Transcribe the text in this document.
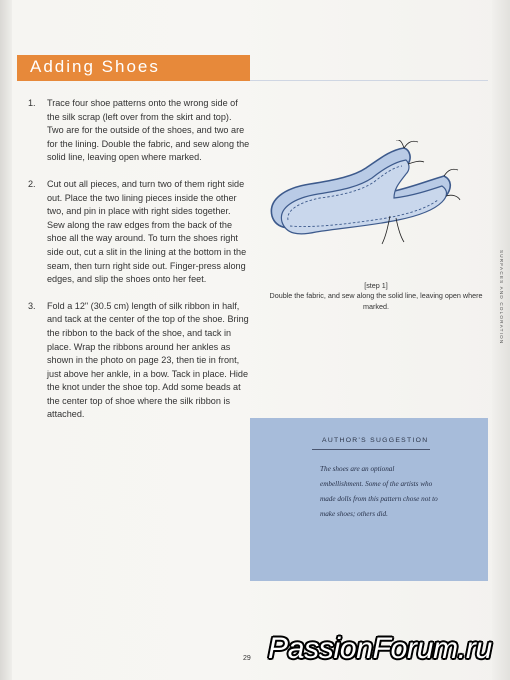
Adding Shoes
1.	Trace four shoe patterns onto the wrong side of the silk scrap (left over from the skirt and top). Two are for the outside of the shoes, and two are for the lining. Double the fabric, and sew along the solid line, leaving open where marked.
2.	Cut out all pieces, and turn two of them right side out. Place the two lining pieces inside the other two, and pin in place with right sides together. Sew along the raw edges from the back of the shoe all the way around. To turn the shoes right side out, cut a slit in the lining at the bottom in the seam, then turn right side out. Finger-press along edges, and slip the shoes onto her feet.
3.	Fold a 12" (30.5 cm) length of silk ribbon in half, and tack at the center of the top of the shoe. Bring the ribbon to the back of the shoe, and tack in place. Wrap the ribbons around her ankles as shown in the photo on page 23, then tie in front, just above her ankle, in a bow. Tack in place. Hide the knot under the shoe top. Add some beads at the center top of shoe where the silk ribbon is attached.
[step 1]
Double the fabric, and sew along the solid line, leaving open where marked.
AUTHOR'S SUGGESTION
The shoes are an optional embellishment. Some of the artists who made dolls from this pattern chose not to make shoes; others did.
SURFACES AND COLORATION
29 PassionForum.ru
